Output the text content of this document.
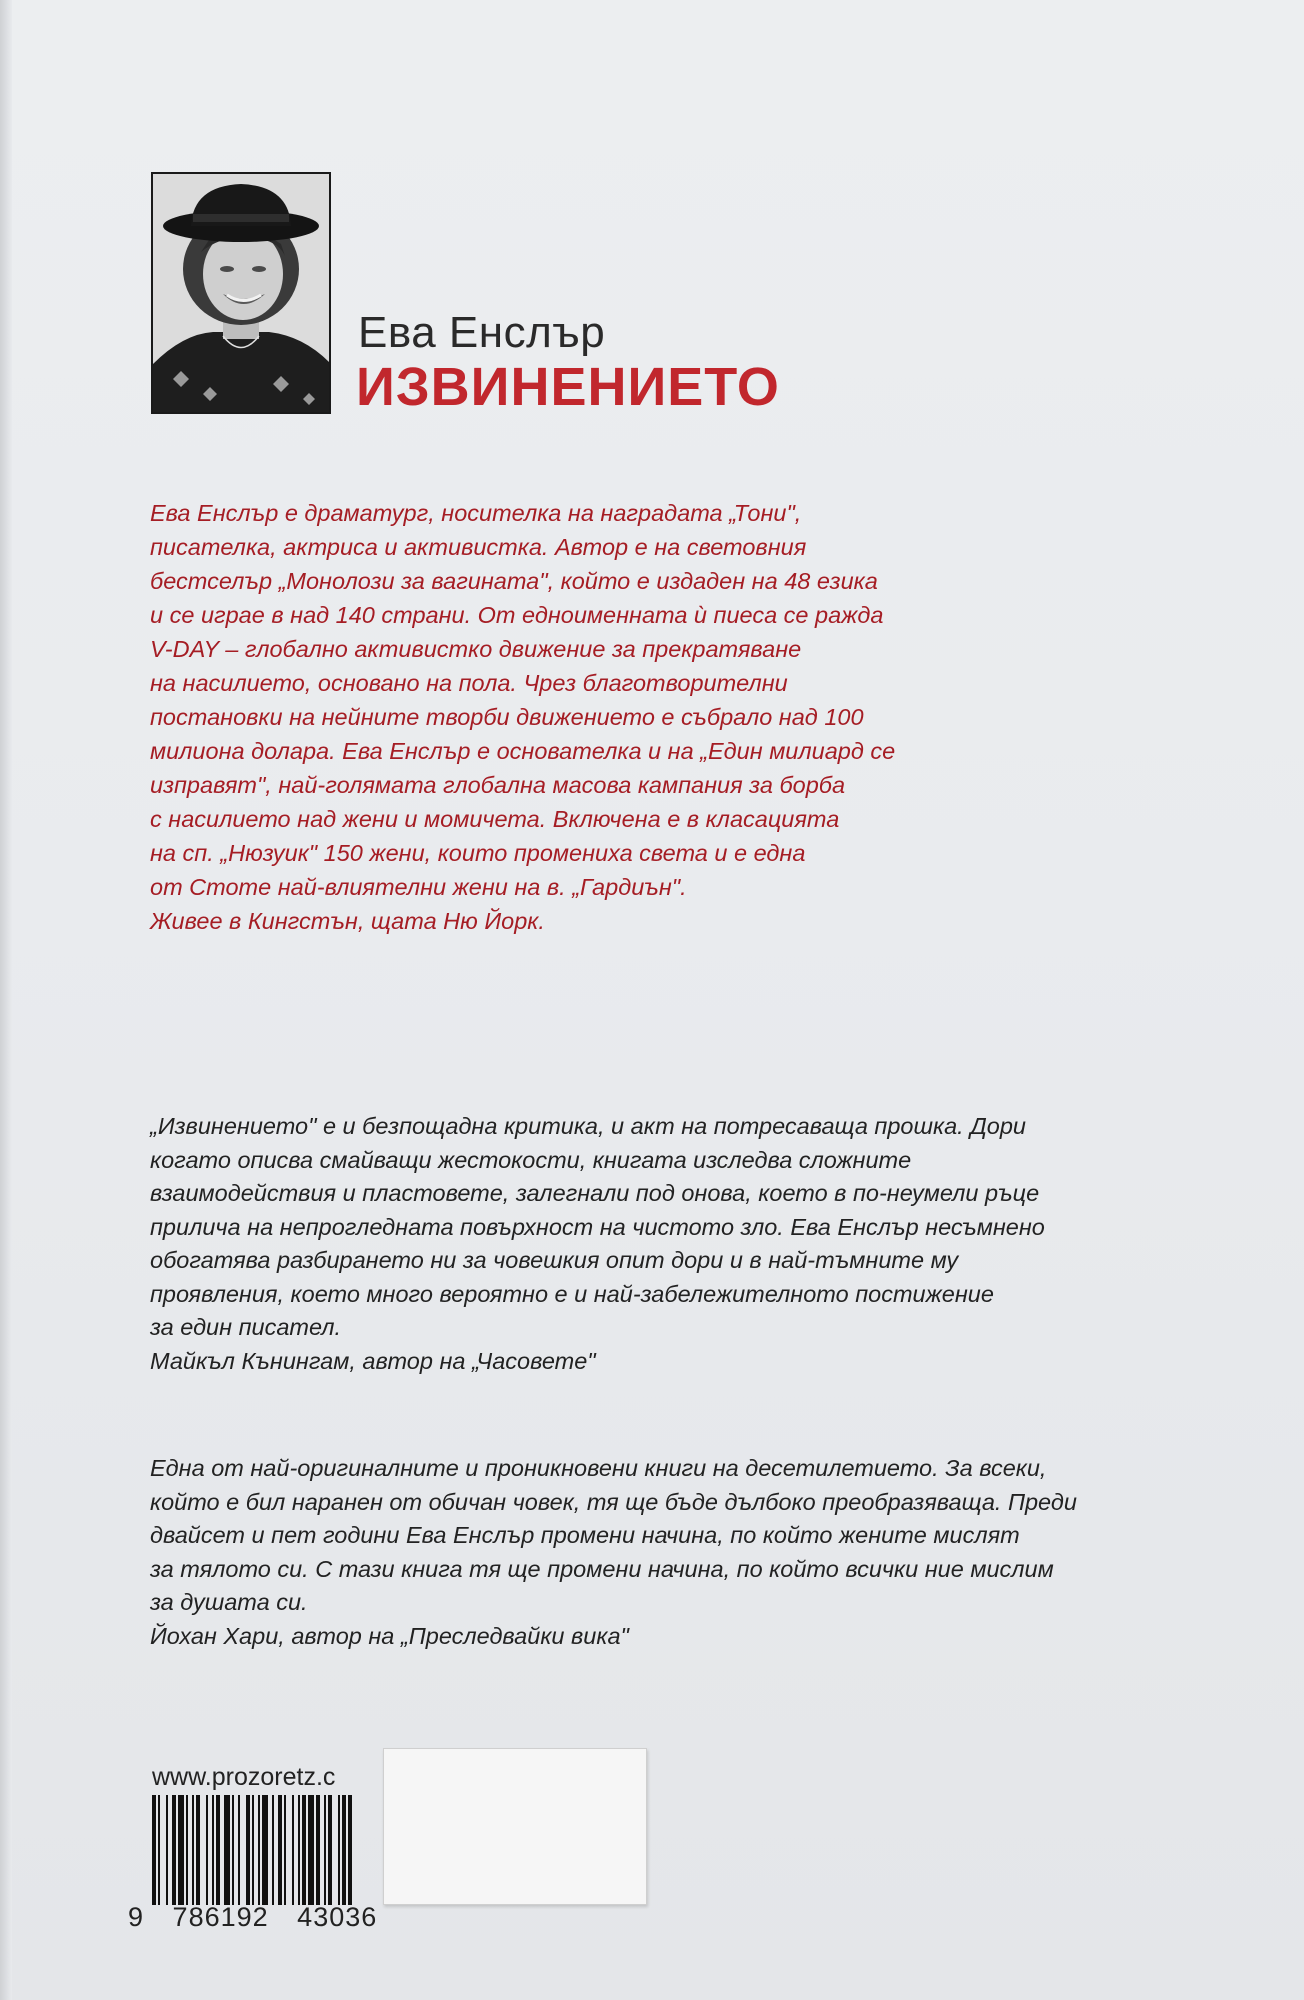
Ева Енслър
ИЗВИНЕНИЕТО

Ева Енслър е драматург, носителка на наградата „Тони",

писателка, актриса и активистка. Автор е на световния

бестселър „Монолози за вагината", който е издаден на 48 езика

и се играе в над 140 страни. От едноименната ѝ пиеса се ражда

V-DAY – глобално активистко движение за прекратяване

на насилието, основано на пола. Чрез благотворителни

постановки на нейните творби движението е събрало над 100

милиона долара. Ева Енслър е основателка и на „Един милиард се

изправят", най-голямата глобална масова кампания за борба

с насилието над жени и момичета. Включена е в класацията

на сп. „Нюзуик" 150 жени, които промениха света и е една

от Стоте най-влиятелни жени на в. „Гардиън".

Живее в Кингстън, щата Ню Йорк.

„Извинението" е и безпощадна критика, и акт на потресаваща прошка. Дори

когато описва смайващи жестокости, книгата изследва сложните

взаимодействия и пластовете, залегнали под онова, което в по-неумели ръце

прилича на непрогледната повърхност на чистото зло. Ева Енслър несъмнено

обогатява разбирането ни за човешкия опит дори и в най-тъмните му

проявления, което много вероятно е и най-забележителното постижение

за един писател.

Майкъл Кънингам, автор на „Часовете"

Една от най-оригиналните и проникновени книги на десетилетието. За всеки,

който е бил наранен от обичан човек, тя ще бъде дълбоко преобразяваща. Преди

двайсет и пет години Ева Енслър промени начина, по който жените мислят

за тялото си. С тази книга тя ще промени начина, по който всички ние мислим

за душата си.

Йохан Хари, автор на „Преследвайки вика"

www.prozoretz.c
9 786192 43036
